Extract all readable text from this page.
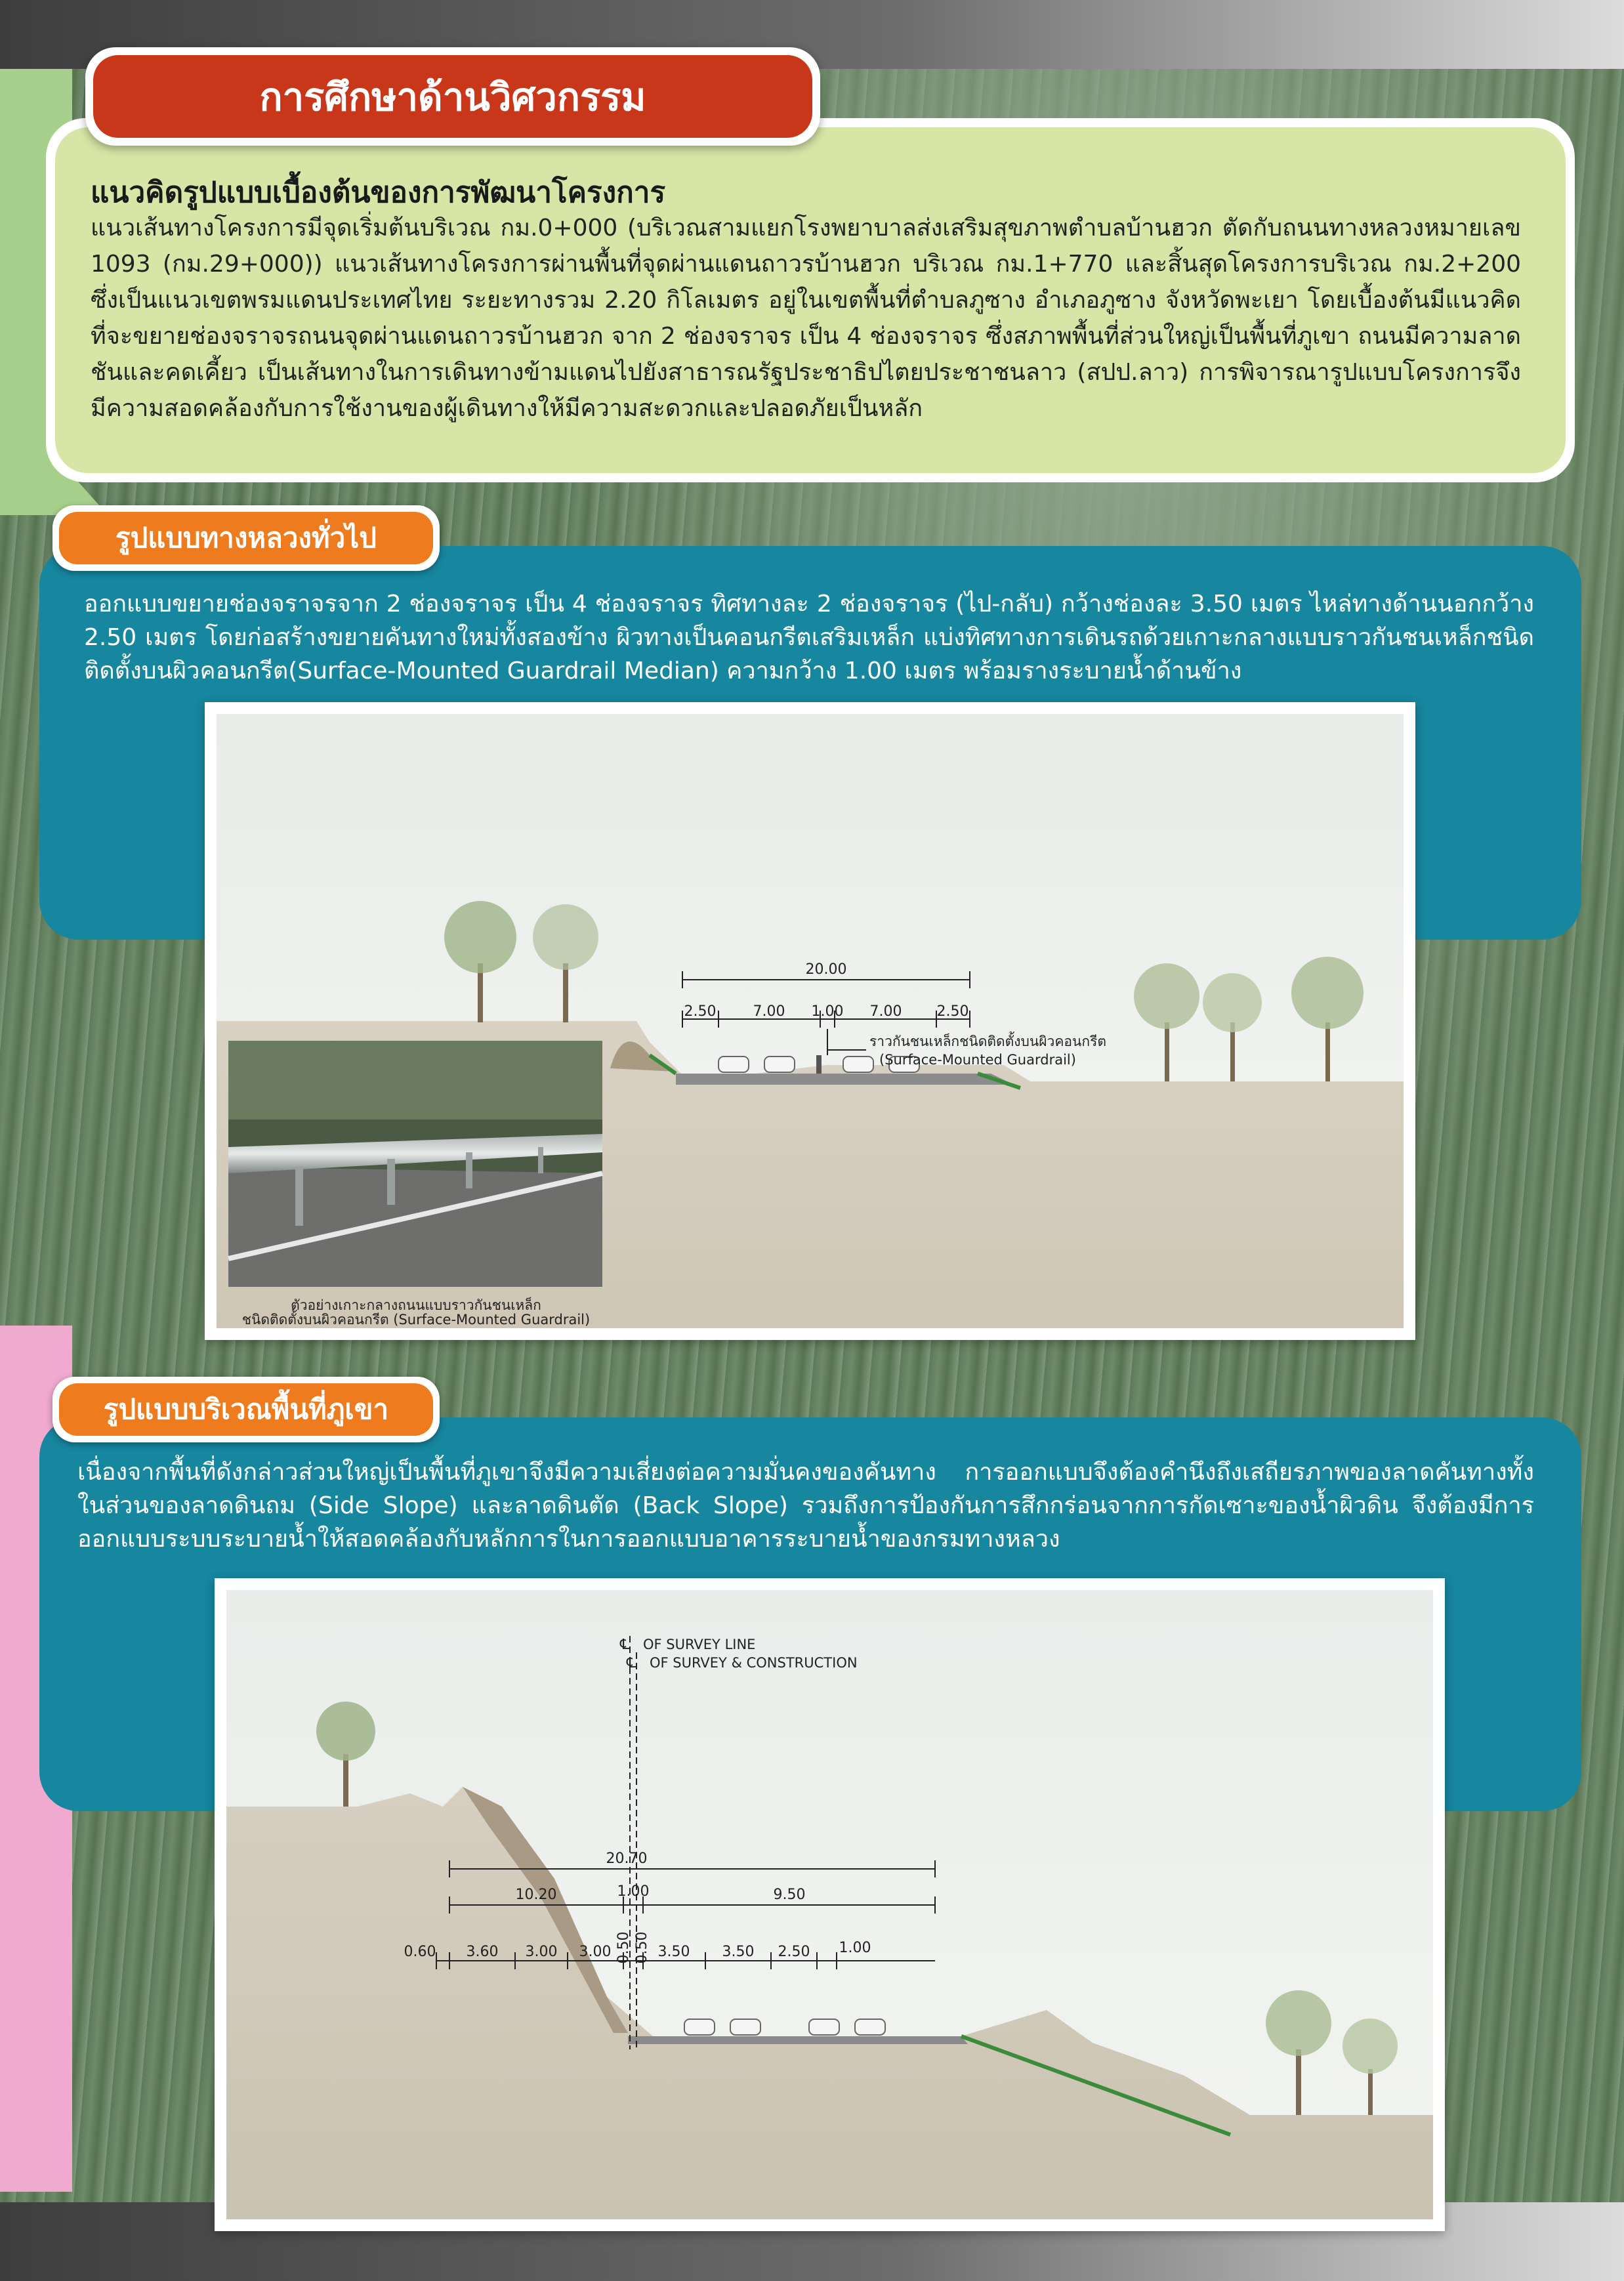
แนวคิดรูปแบบเบื้องต้นของการพัฒนาโครงการ
แนวเส้นทางโครงการมีจุดเริ่มต้นบริเวณ กม.0+000 (บริเวณสามแยกโรงพยาบาลส่งเสริมสุขภาพตำบลบ้านฮวก ตัดกับถนนทางหลวงหมายเลข 1093 (กม.29+000)) แนวเส้นทางโครงการผ่านพื้นที่จุดผ่านแดนถาวรบ้านฮวก บริเวณ กม.1+770 และสิ้นสุดโครงการบริเวณ กม.2+200 ซึ่งเป็นแนวเขตพรมแดนประเทศไทย ระยะทางรวม 2.20 กิโลเมตร อยู่ในเขตพื้นที่ตำบลภูซาง อำเภอภูซาง จังหวัดพะเยา โดยเบื้องต้นมีแนวคิดที่จะขยายช่องจราจรถนนจุดผ่านแดนถาวรบ้านฮวก จาก 2 ช่องจราจร เป็น 4 ช่องจราจร ซึ่งสภาพพื้นที่ส่วนใหญ่เป็นพื้นที่ภูเขา ถนนมีความลาดชันและคดเคี้ยว เป็นเส้นทางในการเดินทางข้ามแดนไปยังสาธารณรัฐประชาธิปไตยประชาชนลาว (สปป.ลาว) การพิจารณารูปแบบโครงการจึงมีความสอดคล้องกับการใช้งานของผู้เดินทางให้มีความสะดวกและปลอดภัยเป็นหลัก
การศึกษาด้านวิศวกรรม
รูปแบบทางหลวงทั่วไป
ออกแบบขยายช่องจราจรจาก 2 ช่องจราจร เป็น 4 ช่องจราจร ทิศทางละ 2 ช่องจราจร (ไป-กลับ) กว้างช่องละ 3.50 เมตร ไหล่ทางด้านนอกกว้าง 2.50 เมตร โดยก่อสร้างขยายคันทางใหม่ทั้งสองข้าง ผิวทางเป็นคอนกรีตเสริมเหล็ก แบ่งทิศทางการเดินรถด้วยเกาะกลางแบบราวกันชนเหล็กชนิดติดตั้งบนผิวคอนกรีต(Surface-Mounted Guardrail Median) ความกว้าง 1.00 เมตร พร้อมรางระบายน้ำด้านข้าง
20.00
2.50	7.00 1.00 7.00 2.50
ราวกันชนเหล็กชนิดติดตั้งบนผิวคอนกรีต
(Surface-Mounted Guardrail)
ตัวอย่างเกาะกลางถนนแบบราวกันชนเหล็ก
ชนิดติดตั้งบนผิวคอนกรีต (Surface-Mounted Guardrail)
รูปแบบบริเวณพื้นที่ภูเขา
เนื่องจากพื้นที่ดังกล่าวส่วนใหญ่เป็นพื้นที่ภูเขาจึงมีความเสี่ยงต่อความมั่นคงของคันทาง การออกแบบจึงต้องคำนึงถึงเสถียรภาพของลาดคันทางทั้งในส่วนของลาดดินถม (Side Slope) และลาดดินตัด (Back Slope) รวมถึงการป้องกันการสึกกร่อนจากการกัดเซาะของน้ำผิวดิน จึงต้องมีการออกแบบระบบระบายน้ำให้สอดคล้องกับหลักการในการออกแบบอาคารระบายน้ำของกรมทางหลวง
℄ OF SURVEY LINE
℄ OF SURVEY & CONSTRUCTION
20.70
10.20	1.00	9.50
0.60 3.60 3.00 3.00 0.50 0.50 3.50 3.50 2.50 1.00
